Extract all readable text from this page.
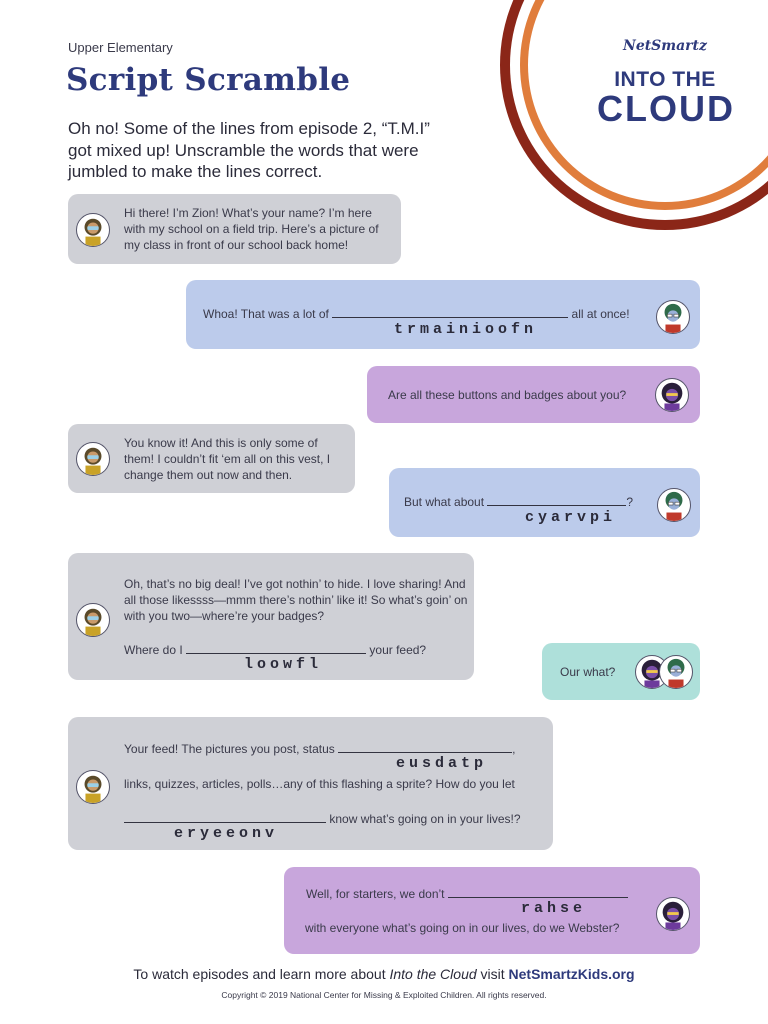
NetSmartz
INTO THE
CLOUD
Upper Elementary
Script Scramble
Oh no! Some of the lines from episode 2, “T.M.I” got mixed up! Unscramble the words that were jumbled to make the lines correct.
Hi there! I’m Zion! What’s your name? I’m here with my school on a field trip. Here’s a picture of my class in front of our school back home!
Whoa! That was a lot of	all at once!
trmainioofn
Are all these buttons and badges about you?
You know it! And this is only some of them! I couldn’t fit ‘em all on this vest, I change them out now and then.
But what about	?
cyarvpi
Oh, that’s no big deal! I’ve got nothin’ to hide. I love sharing! And all those likessss—mmm there’s nothin’ like it! So what’s goin’ on with you two—where’re your badges?
Where do I	your feed?
loowfl	Our what?
Your feed! The pictures you post, status	,
eusdatp
links, quizzes, articles, polls…any of this flashing a sprite? How do you let
know what’s going on in your lives!?
eryeeonv
Well, for starters, we don’t
rahse
with everyone what’s going on in our lives, do we Webster?
To watch episodes and learn more about Into the Cloud visit NetSmartzKids.org
Copyright © 2019 National Center for Missing & Exploited Children. All rights reserved.
